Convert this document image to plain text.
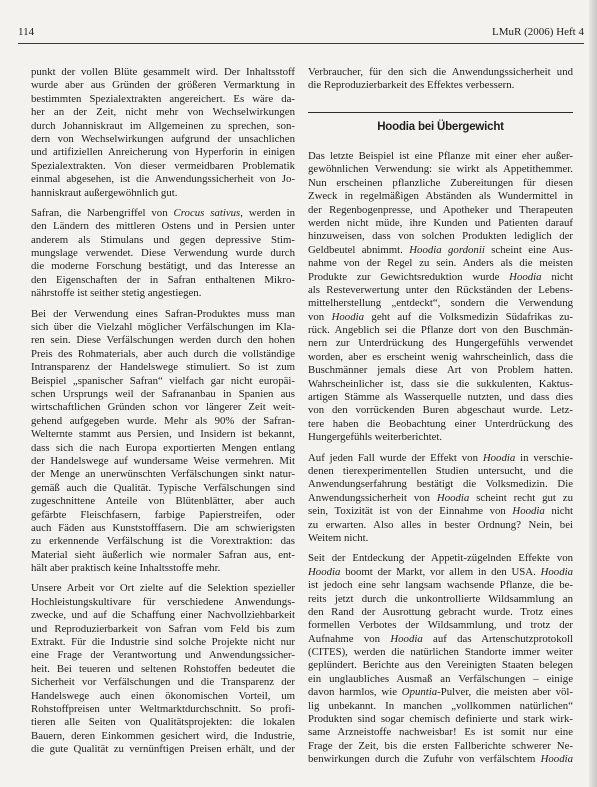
114	LMuR (2006) Heft 4
punkt der vollen Blüte gesammelt wird. Der Inhaltsstoff
wurde aber aus Gründen der größeren Vermarktung in
bestimmten Spezialextrakten angereichert. Es wäre da-
her an der Zeit, nicht mehr von Wechselwirkungen
durch Johanniskraut im Allgemeinen zu sprechen, son-
dern von Wechselwirkungen aufgrund der unsachlichen
und artifiziellen Anreicherung von Hyperforin in einigen
Spezialextrakten. Von dieser vermeidbaren Problematik
einmal abgesehen, ist die Anwendungssicherheit von Jo-
hanniskraut außergewöhnlich gut.
Safran, die Narbengriffel von Crocus sativus, werden in
den Ländern des mittleren Ostens und in Persien unter
anderem als Stimulans und gegen depressive Stim-
mungslage verwendet. Diese Verwendung wurde durch
die moderne Forschung bestätigt, und das Interesse an
den Eigenschaften der in Safran enthaltenen Mikro-
nährstoffe ist seither stetig angestiegen.
Bei der Verwendung eines Safran-Produktes muss man
sich über die Vielzahl möglicher Verfälschungen im Kla-
ren sein. Diese Verfälschungen werden durch den hohen
Preis des Rohmaterials, aber auch durch die vollständige
Intransparenz der Handelswege stimuliert. So ist zum
Beispiel „spanischer Safran“ vielfach gar nicht europäi-
schen Ursprungs weil der Safrananbau in Spanien aus
wirtschaftlichen Gründen schon vor längerer Zeit weit-
gehend aufgegeben wurde. Mehr als 90% der Safran-
Welternte stammt aus Persien, und Insidern ist bekannt,
dass sich die nach Europa exportierten Mengen entlang
der Handelswege auf wundersame Weise vermehren. Mit
der Menge an unerwünschten Verfälschungen sinkt natur-
gemäß auch die Qualität. Typische Verfälschungen sind
zugeschnittene Anteile von Blütenblätter, aber auch
gefärbte Fleischfasern, farbige Papierstreifen, oder
auch Fäden aus Kunststofffasern. Die am schwierigsten
zu erkennende Verfälschung ist die Vorextraktion: das
Material sieht äußerlich wie normaler Safran aus, ent-
hält aber praktisch keine Inhaltsstoffe mehr.
Unsere Arbeit vor Ort zielte auf die Selektion spezieller
Hochleistungskultivare für verschiedene Anwendungs-
zwecke, und auf die Schaffung einer Nachvollziehbarkeit
und Reproduzierbarkeit von Safran vom Feld bis zum
Extrakt. Für die Industrie sind solche Projekte nicht nur
eine Frage der Verantwortung und Anwendungssicher-
heit. Bei teueren und seltenen Rohstoffen bedeutet die
Sicherheit vor Verfälschungen und die Transparenz der
Handelswege auch einen ökonomischen Vorteil, um
Rohstoffpreisen unter Weltmarktdurchschnitt. So profi-
tieren alle Seiten von Qualitätsprojekten: die lokalen
Bauern, deren Einkommen gesichert wird, die Industrie,
die gute Qualität zu vernünftigen Preisen erhält, und der
Verbraucher, für den sich die Anwendungssicherheit und
die Reproduzierbarkeit des Effektes verbessern.
Hoodia bei Übergewicht
Das letzte Beispiel ist eine Pflanze mit einer eher außer-
gewöhnlichen Verwendung: sie wirkt als Appetithemmer.
Nun erscheinen pflanzliche Zubereitungen für diesen
Zweck in regelmäßigen Abständen als Wundermittel in
der Regenbogenpresse, und Apotheker und Therapeuten
werden nicht müde, ihre Kunden und Patienten darauf
hinzuweisen, dass von solchen Produkten lediglich der
Geldbeutel abnimmt. Hoodia gordonii scheint eine Aus-
nahme von der Regel zu sein. Anders als die meisten
Produkte zur Gewichtsreduktion wurde Hoodia nicht
als Resteverwertung unter den Rückständen der Lebens-
mittelherstellung „entdeckt“, sondern die Verwendung
von Hoodia geht auf die Volksmedizin Südafrikas zu-
rück. Angeblich sei die Pflanze dort von den Buschmän-
nern zur Unterdrückung des Hungergefühls verwendet
worden, aber es erscheint wenig wahrscheinlich, dass die
Buschmänner jemals diese Art von Problem hatten.
Wahrscheinlicher ist, dass sie die sukkulenten, Kaktus-
artigen Stämme als Wasserquelle nutzten, und dass dies
von den vorrückenden Buren abgeschaut wurde. Letz-
tere haben die Beobachtung einer Unterdrückung des
Hungergefühls weiterberichtet.
Auf jeden Fall wurde der Effekt von Hoodia in verschie-
denen tierexperimentellen Studien untersucht, und die
Anwendungserfahrung bestätigt die Volksmedizin. Die
Anwendungssicherheit von Hoodia scheint recht gut zu
sein, Toxizität ist von der Einnahme von Hoodia nicht
zu erwarten. Also alles in bester Ordnung? Nein, bei
Weitem nicht.
Seit der Entdeckung der Appetit-zügelnden Effekte von
Hoodia boomt der Markt, vor allem in den USA. Hoodia
ist jedoch eine sehr langsam wachsende Pflanze, die be-
reits jetzt durch die unkontrollierte Wildsammlung an
den Rand der Ausrottung gebracht wurde. Trotz eines
formellen Verbotes der Wildsammlung, und trotz der
Aufnahme von Hoodia auf das Artenschutzprotokoll
(CITES), werden die natürlichen Standorte immer weiter
geplündert. Berichte aus den Vereinigten Staaten belegen
ein unglaubliches Ausmaß an Verfälschungen – einige
davon harmlos, wie Opuntia-Pulver, die meisten aber völ-
lig unbekannt. In manchen „vollkommen natürlichen“
Produkten sind sogar chemisch definierte und stark wirk-
same Arzneistoffe nachweisbar! Es ist somit nur eine
Frage der Zeit, bis die ersten Fallberichte schwerer Ne-
benwirkungen durch die Zufuhr von verfälschtem Hoodia
